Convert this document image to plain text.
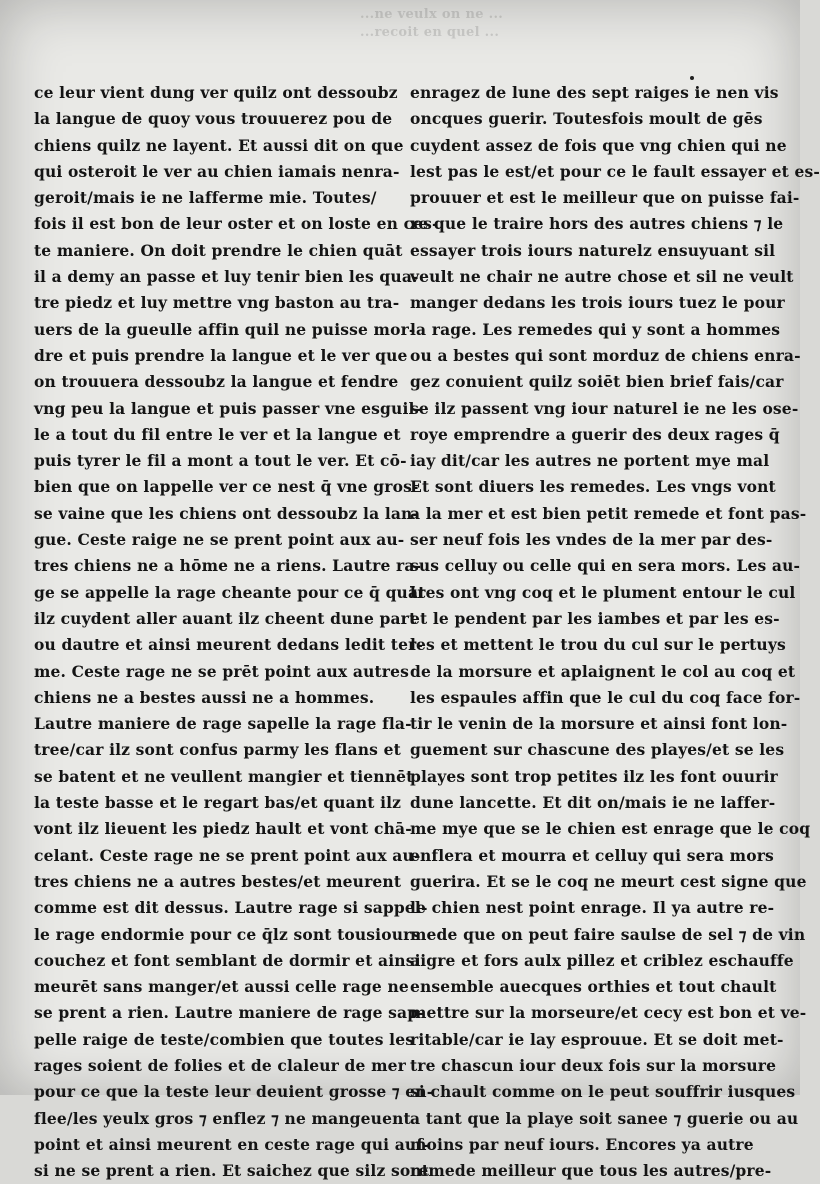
...ne veulx on ne ...
...recoit en quel ...
ce leur vient dung ver quilz ont dessoubz
la langue de quoy vous trouuerez pou de
chiens quilz ne layent. Et aussi dit on que
qui osteroit le ver au chien iamais nenra-
geroit/mais ie ne lafferme mie. Toutes/
fois il est bon de leur oster et on loste en ces-
te maniere. On doit prendre le chien quāt
il a demy an passe et luy tenir bien les qua-
tre piedz et luy mettre vng baston au tra-
uers de la gueulle affin quil ne puisse mor-
dre et puis prendre la langue et le ver que
on trouuera dessoubz la langue et fendre
vng peu la langue et puis passer vne esguil-
le a tout du fil entre le ver et la langue et
puis tyrer le fil a mont a tout le ver. Et cō-
bien que on lappelle ver ce nest q̄ vne gros-
se vaine que les chiens ont dessoubz la lan-
gue. Ceste raige ne se prent point aux au-
tres chiens ne a hōme ne a riens. Lautre ra-
ge se appelle la rage cheante pour ce q̄ quāt
ilz cuydent aller auant ilz cheent dune part
ou dautre et ainsi meurent dedans ledit ter-
me. Ceste rage ne se prēt point aux autres
chiens ne a bestes aussi ne a hommes.
Lautre maniere de rage sapelle la rage fla-
tree/car ilz sont confus parmy les flans et
se batent et ne veullent mangier et tiennēt
la teste basse et le regart bas/et quant ilz
vont ilz lieuent les piedz hault et vont chā-
celant. Ceste rage ne se prent point aux au-
tres chiens ne a autres bestes/et meurent
comme est dit dessus. Lautre rage si sappel-
le rage endormie pour ce q̄lz sont tousiours
couchez et font semblant de dormir et ainsi
meurēt sans manger/et aussi celle rage ne
se prent a rien. Lautre maniere de rage sap-
pelle raige de teste/combien que toutes les
rages soient de folies et de claleur de mer
pour ce que la teste leur deuient grosse ⁊ en-
flee/les yeulx gros ⁊ enflez ⁊ ne mangeuent
point et ainsi meurent en ceste rage qui auf-
si ne se prent a rien. Et saichez que silz sont
enragez de lune des sept raiges ie nen vis
oncques guerir. Toutesfois moult de gēs
cuydent assez de fois que vng chien qui ne
lest pas le est/et pour ce le fault essayer et es-
prouuer et est le meilleur que on puisse fai-
re que le traire hors des autres chiens ⁊ le
essayer trois iours naturelz ensuyuant sil
veult ne chair ne autre chose et sil ne veult
manger dedans les trois iours tuez le pour
la rage. Les remedes qui y sont a hommes
ou a bestes qui sont morduz de chiens enra-
gez conuient quilz soiēt bien brief fais/car
se ilz passent vng iour naturel ie ne les ose-
roye emprendre a guerir des deux rages q̄
iay dit/car les autres ne portent mye mal
Et sont diuers les remedes. Les vngs vont
a la mer et est bien petit remede et font pas-
ser neuf fois les vndes de la mer par des-
sus celluy ou celle qui en sera mors. Les au-
tres ont vng coq et le plument entour le cul
et le pendent par les iambes et par les es-
les et mettent le trou du cul sur le pertuys
de la morsure et aplaignent le col au coq et
les espaules affin que le cul du coq face for-
tir le venin de la morsure et ainsi font lon-
guement sur chascune des playes/et se les
playes sont trop petites ilz les font ouurir
dune lancette. Et dit on/mais ie ne laffer-
me mye que se le chien est enrage que le coq
enflera et mourra et celluy qui sera mors
guerira. Et se le coq ne meurt cest signe que
le chien nest point enrage. Il ya autre re-
mede que on peut faire saulse de sel ⁊ de vin
aigre et fors aulx pillez et criblez eschauffe
ensemble auecques orthies et tout chault
mettre sur la morseure/et cecy est bon et ve-
ritable/car ie lay esprouue. Et se doit met-
tre chascun iour deux fois sur la morsure
si chault comme on le peut souffrir iusques
a tant que la playe soit sanee ⁊ guerie ou au
moins par neuf iours. Encores ya autre
remede meilleur que tous les autres/pre-
